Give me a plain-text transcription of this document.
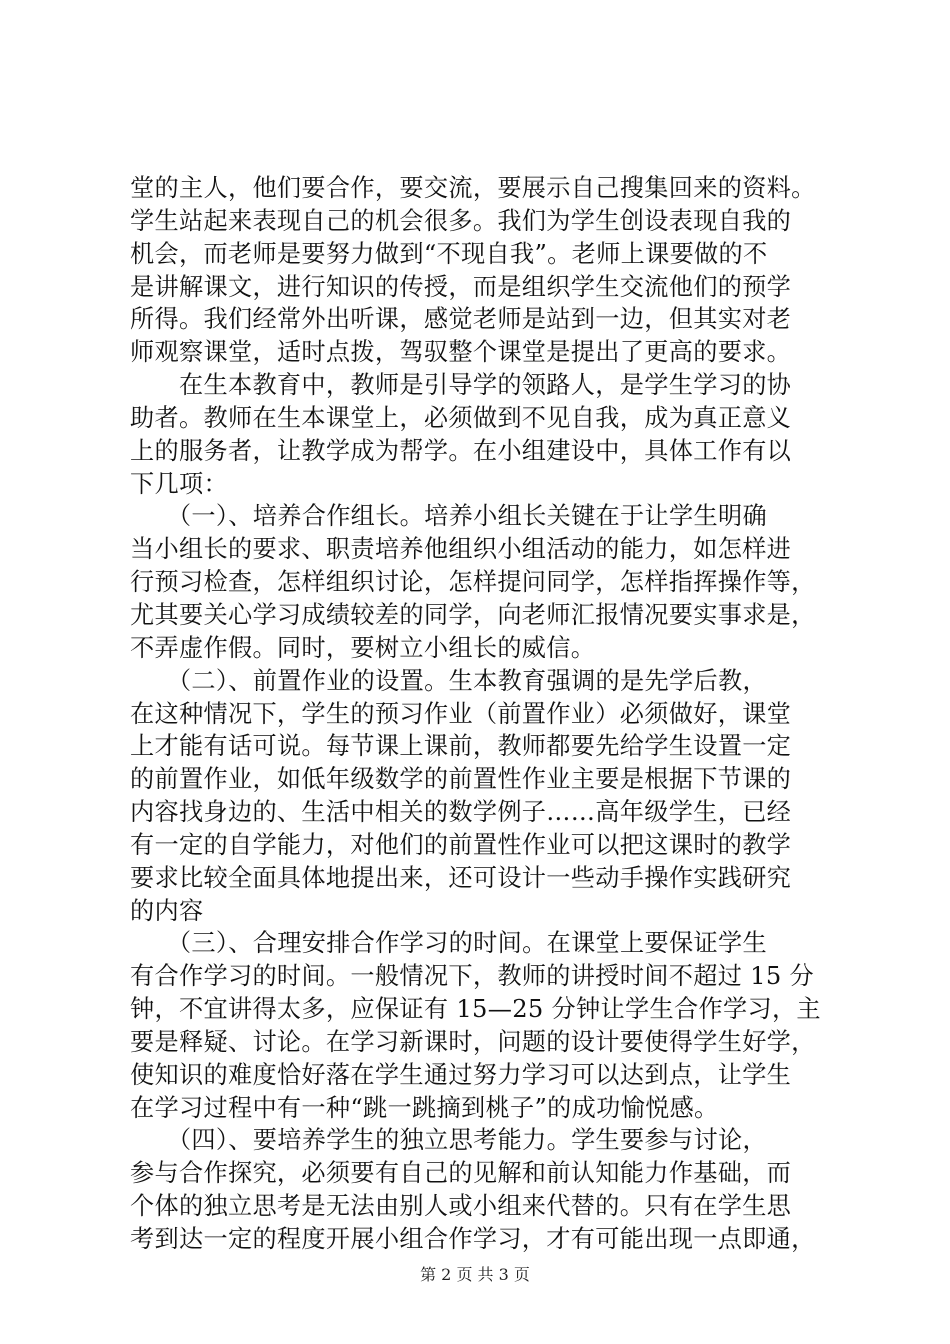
堂的主人，他们要合作，要交流，要展示自己搜集回来的资料。
学生站起来表现自己的机会很多。我们为学生创设表现自我的
机会，而老师是要努力做到“不现自我”。老师上课要做的不
是讲解课文，进行知识的传授，而是组织学生交流他们的预学
所得。我们经常外出听课，感觉老师是站到一边，但其实对老
师观察课堂，适时点拨，驾驭整个课堂是提出了更高的要求。
　　在生本教育中，教师是引导学的领路人，是学生学习的协
助者。教师在生本课堂上，必须做到不见自我，成为真正意义
上的服务者，让教学成为帮学。在小组建设中，具体工作有以
下几项：
　　（一）、培养合作组长。培养小组长关键在于让学生明确
当小组长的要求、职责培养他组织小组活动的能力，如怎样进
行预习检查，怎样组织讨论，怎样提问同学，怎样指挥操作等，
尤其要关心学习成绩较差的同学，向老师汇报情况要实事求是，
不弄虚作假。同时，要树立小组长的威信。
　　（二）、前置作业的设置。生本教育强调的是先学后教，
在这种情况下，学生的预习作业（前置作业）必须做好，课堂
上才能有话可说。每节课上课前，教师都要先给学生设置一定
的前置作业，如低年级数学的前置性作业主要是根据下节课的
内容找身边的、生活中相关的数学例子……高年级学生，已经
有一定的自学能力，对他们的前置性作业可以把这课时的教学
要求比较全面具体地提出来，还可设计一些动手操作实践研究
的内容
　　（三）、合理安排合作学习的时间。在课堂上要保证学生
有合作学习的时间。一般情况下，教师的讲授时间不超过 15 分
钟，不宜讲得太多，应保证有 15—25 分钟让学生合作学习，主
要是释疑、讨论。在学习新课时，问题的设计要使得学生好学，
使知识的难度恰好落在学生通过努力学习可以达到点，让学生
在学习过程中有一种“跳一跳摘到桃子”的成功愉悦感。
　　（四）、要培养学生的独立思考能力。学生要参与讨论，
参与合作探究，必须要有自己的见解和前认知能力作基础，而
个体的独立思考是无法由别人或小组来代替的。只有在学生思
考到达一定的程度开展小组合作学习，才有可能出现一点即通，
第 2 页 共 3 页
